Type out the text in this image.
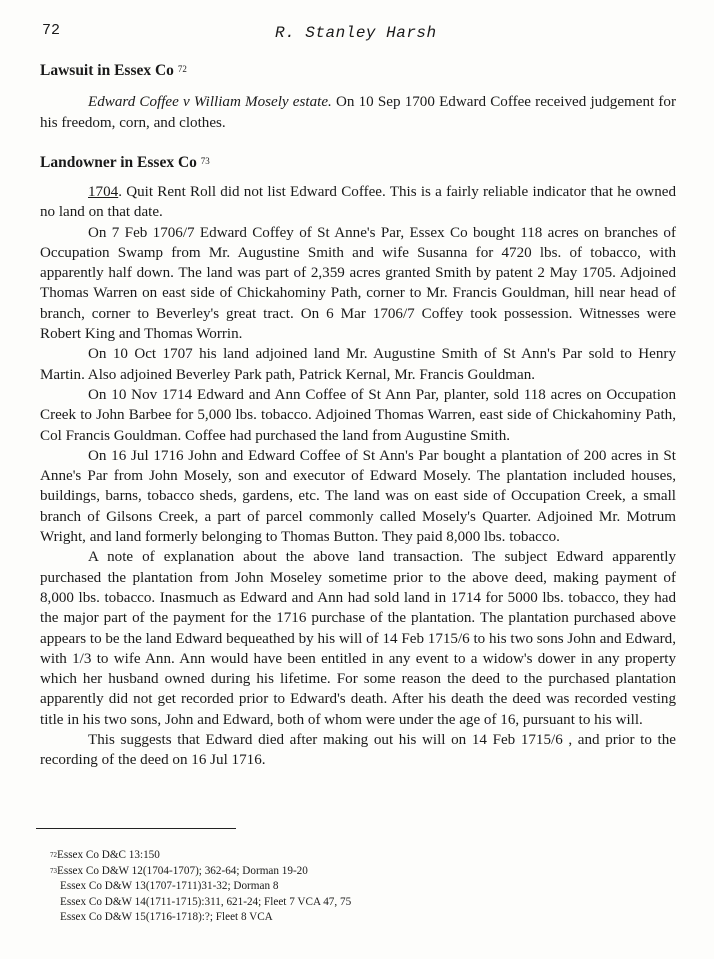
72	R. Stanley Harsh
Lawsuit in Essex Co $^{72}$

Edward Coffee v William Mosely estate. On 10 Sep 1700 Edward Coffee received judgement for his freedom, corn, and clothes.

Landowner in Essex Co $^{73}$

1704. Quit Rent Roll did not list Edward Coffee. This is a fairly reliable indicator that he owned no land on that date.

On 7 Feb 1706/7 Edward Coffey of St Anne's Par, Essex Co bought 118 acres on branches of Occupation Swamp from Mr. Augustine Smith and wife Susanna for 4720 lbs. of tobacco, with apparently half down. The land was part of 2,359 acres granted Smith by patent 2 May 1705. Adjoined Thomas Warren on east side of Chickahominy Path, corner to Mr. Francis Gouldman, hill near head of branch, corner to Beverley's great tract. On 6 Mar 1706/7 Coffey took possession. Witnesses were Robert King and Thomas Worrin.

On 10 Oct 1707 his land adjoined land Mr. Augustine Smith of St Ann's Par sold to Henry Martin. Also adjoined Beverley Park path, Patrick Kernal, Mr. Francis Gouldman.

On 10 Nov 1714 Edward and Ann Coffee of St Ann Par, planter, sold 118 acres on Occupation Creek to John Barbee for 5,000 lbs. tobacco. Adjoined Thomas Warren, east side of Chickahominy Path, Col Francis Gouldman. Coffee had purchased the land from Augustine Smith.

On 16 Jul 1716 John and Edward Coffee of St Ann's Par bought a plantation of 200 acres in St Anne's Par from John Mosely, son and executor of Edward Mosely. The plantation included houses, buildings, barns, tobacco sheds, gardens, etc. The land was on east side of Occupation Creek, a small branch of Gilsons Creek, a part of parcel commonly called Mosely's Quarter. Adjoined Mr. Motrum Wright, and land formerly belonging to Thomas Button. They paid 8,000 lbs. tobacco.

A note of explanation about the above land transaction. The subject Edward apparently purchased the plantation from John Moseley sometime prior to the above deed, making payment of 8,000 lbs. tobacco. Inasmuch as Edward and Ann had sold land in 1714 for 5000 lbs. tobacco, they had the major part of the payment for the 1716 purchase of the plantation. The plantation purchased above appears to be the land Edward bequeathed by his will of 14 Feb 1715/6 to his two sons John and Edward, with 1/3 to wife Ann. Ann would have been entitled in any event to a widow's dower in any property which her husband owned during his lifetime. For some reason the deed to the purchased plantation apparently did not get recorded prior to Edward's death. After his death the deed was recorded vesting title in his two sons, John and Edward, both of whom were under the age of 16, pursuant to his will.

This suggests that Edward died after making out his will on 14 Feb 1715/6 , and prior to the recording of the deed on 16 Jul 1716.

$^{72}$Essex Co D&C 13:150
$^{73}$Essex Co D&W 12(1704-1707); 362-64; Dorman 19-20
Essex Co D&W 13(1707-1711)31-32; Dorman 8
Essex Co D&W 14(1711-1715):311, 621-24; Fleet 7 VCA 47, 75
Essex Co D&W 15(1716-1718):?; Fleet 8 VCA
